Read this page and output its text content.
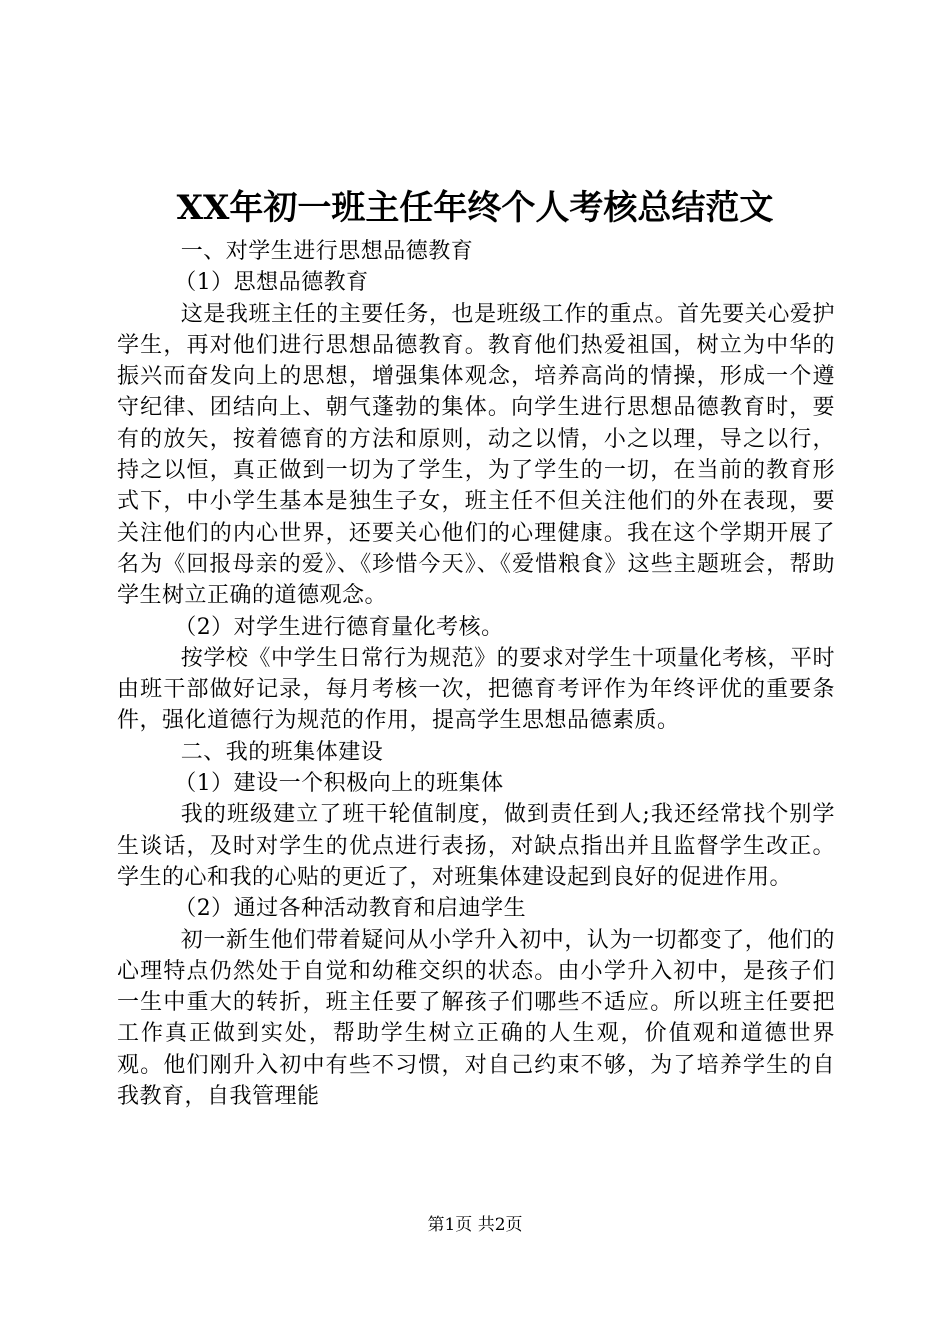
XX年初一班主任年终个人考核总结范文

一、对学生进行思想品德教育

（1）思想品德教育

这是我班主任的主要任务，也是班级工作的重点。首先要关心爱护学生，再对他们进行思想品德教育。教育他们热爱祖国，树立为中华的振兴而奋发向上的思想，增强集体观念，培养高尚的情操，形成一个遵守纪律、团结向上、朝气蓬勃的集体。向学生进行思想品德教育时，要有的放矢，按着德育的方法和原则，动之以情，小之以理，导之以行，持之以恒，真正做到一切为了学生，为了学生的一切，在当前的教育形式下，中小学生基本是独生子女，班主任不但关注他们的外在表现，要关注他们的内心世界，还要关心他们的心理健康。我在这个学期开展了名为《回报母亲的爱》、《珍惜今天》、《爱惜粮食》这些主题班会，帮助学生树立正确的道德观念。

（2）对学生进行德育量化考核。

按学校《中学生日常行为规范》的要求对学生十项量化考核，平时由班干部做好记录，每月考核一次，把德育考评作为年终评优的重要条件，强化道德行为规范的作用，提高学生思想品德素质。

二、我的班集体建设

（1）建设一个积极向上的班集体

我的班级建立了班干轮值制度，做到责任到人;我还经常找个别学生谈话，及时对学生的优点进行表扬，对缺点指出并且监督学生改正。学生的心和我的心贴的更近了，对班集体建设起到良好的促进作用。

（2）通过各种活动教育和启迪学生

初一新生他们带着疑问从小学升入初中，认为一切都变了，他们的心理特点仍然处于自觉和幼稚交织的状态。由小学升入初中，是孩子们一生中重大的转折，班主任要了解孩子们哪些不适应。所以班主任要把工作真正做到实处，帮助学生树立正确的人生观，价值观和道德世界观。他们刚升入初中有些不习惯，对自己约束不够，为了培养学生的自我教育，自我管理能

第1页 共2页
